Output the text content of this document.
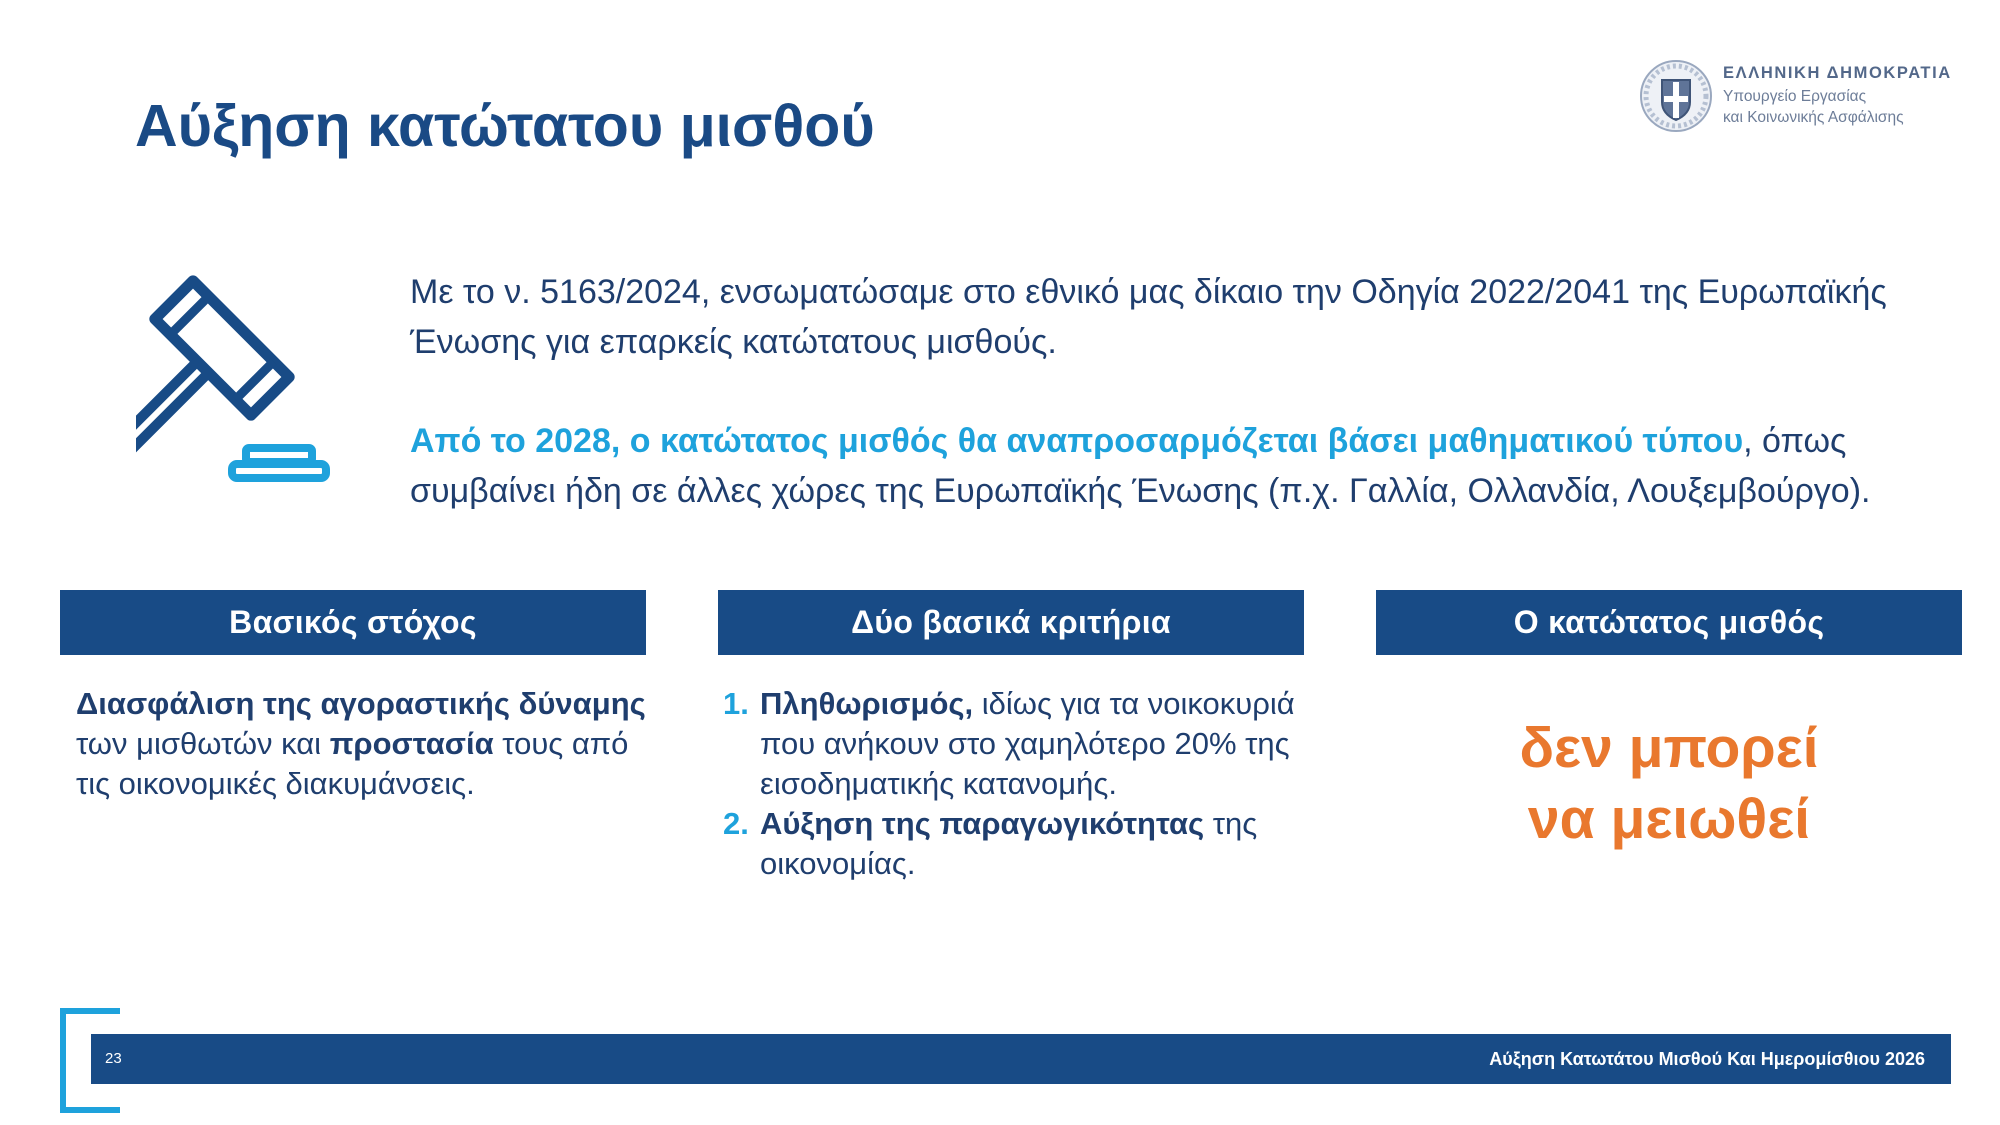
Αύξηση κατώτατου μισθού
ΕΛΛΗΝΙΚΗ ΔΗΜΟΚΡΑΤΙΑ
Υπουργείο Εργασίας
και Κοινωνικής Ασφάλισης

Με το ν. 5163/2024, ενσωματώσαμε στο εθνικό μας δίκαιο την Οδηγία 2022/2041 της Ευρωπαϊκής Ένωσης για επαρκείς κατώτατους μισθούς.

Από το 2028, ο κατώτατος μισθός θα αναπροσαρμόζεται βάσει μαθηματικού τύπου, όπως συμβαίνει ήδη σε άλλες χώρες της Ευρωπαϊκής Ένωσης (π.χ. Γαλλία, Ολλανδία, Λουξεμβούργο).

Βασικός στόχος	Δύο βασικά κριτήρια	Ο κατώτατος μισθός

Διασφάλιση της αγοραστικής δύναμης των μισθωτών και προστασία τους από τις οικονομικές διακυμάνσεις.

1. Πληθωρισμός, ιδίως για τα νοικοκυριά που ανήκουν στο χαμηλότερο 20% της εισοδηματικής κατανομής.
2. Αύξηση της παραγωγικότητας της οικονομίας.

δεν μπορεί
να μειωθεί

23	Αύξηση Κατωτάτου Μισθού Και Ημερομίσθιου 2026
